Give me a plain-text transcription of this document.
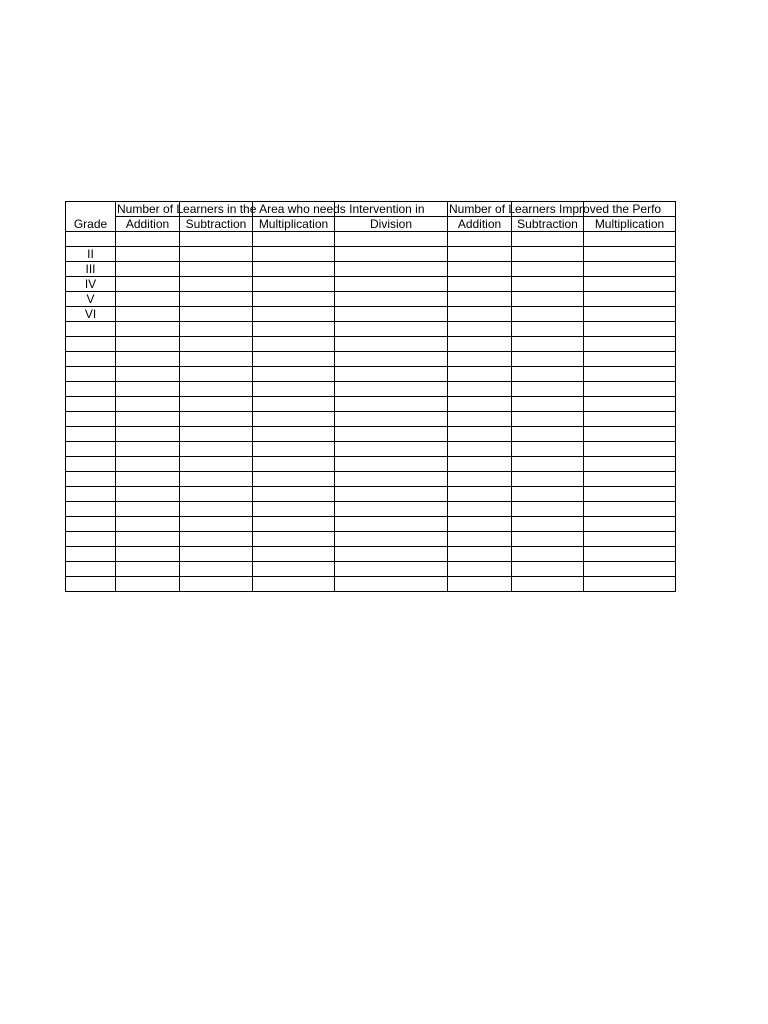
Grade	Number of Learners in the Area who needs Intervention in				Number of Learners Improved the Perfo		

	Addition	Subtraction	Multiplication	Division	Addition	Subtraction	Multiplication

II							
III							
IV							
V							
VI							
